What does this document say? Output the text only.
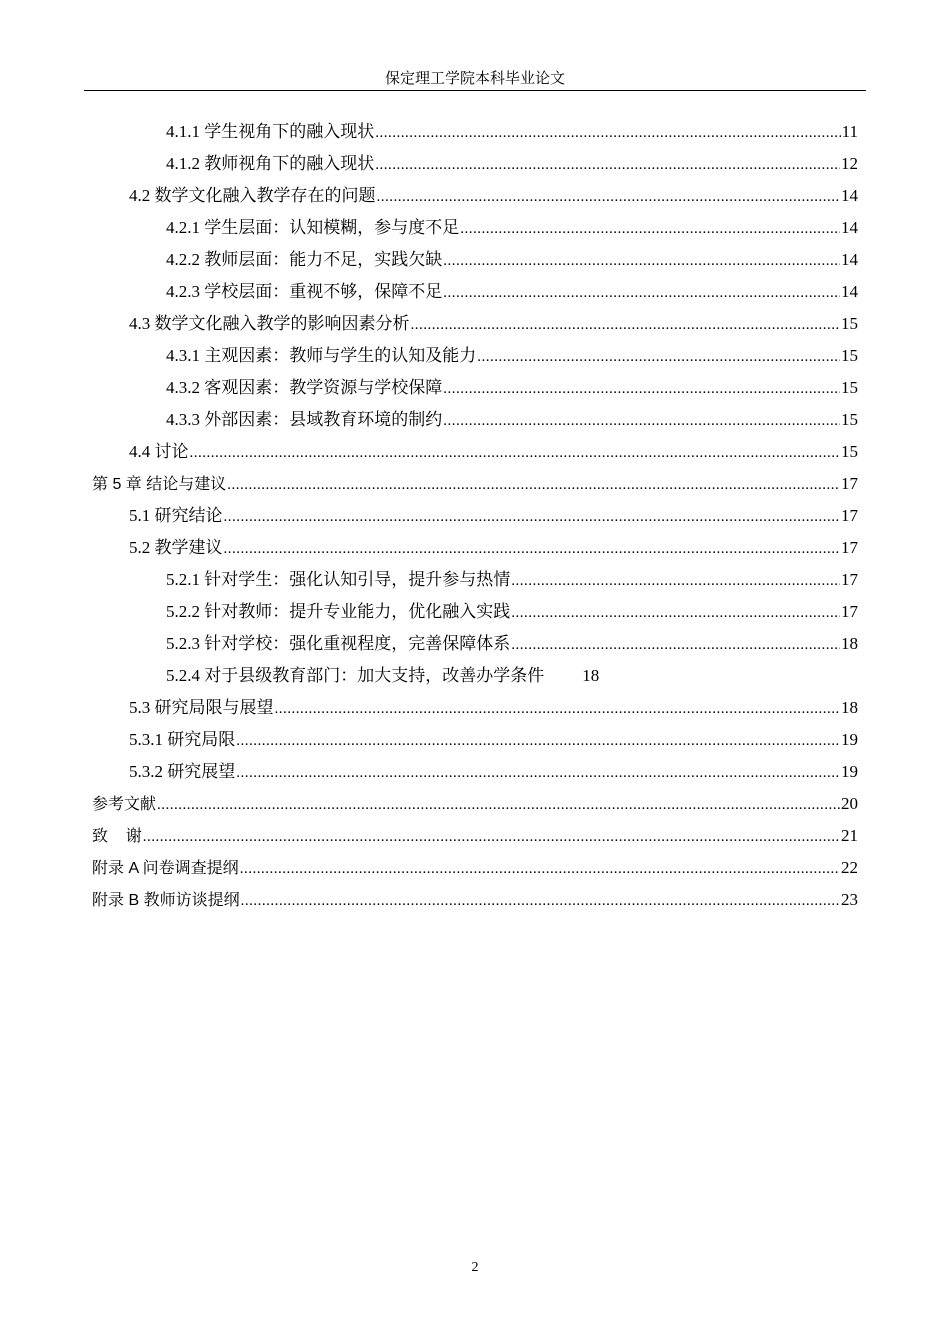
保定理工学院本科毕业论文
4.1.1 学生视角下的融入现状 .....	11
4.1.2 教师视角下的融入现状 .....	12
4.2 数学文化融入教学存在的问题 .....	14
4.2.1 学生层面：认知模糊，参与度不足 .....	14
4.2.2 教师层面：能力不足，实践欠缺 .....	14
4.2.3 学校层面：重视不够，保障不足 .....	14
4.3 数学文化融入教学的影响因素分析 .....	15
4.3.1 主观因素：教师与学生的认知及能力 .....	15
4.3.2 客观因素：教学资源与学校保障 .....	15
4.3.3 外部因素：县域教育环境的制约 .....	15
4.4 讨论 .....	15
第 5 章 结论与建议 .....	17
5.1 研究结论 .....	17
5.2 教学建议 .....	17
5.2.1 针对学生：强化认知引导，提升参与热情 .....	17
5.2.2 针对教师：提升专业能力，优化融入实践 .....	17
5.2.3 针对学校：强化重视程度，完善保障体系 .....	18
5.2.4 对于县级教育部门：加大支持，改善办学条件 18
5.3 研究局限与展望 .....	18
5.3.1 研究局限 .....	19
5.3.2 研究展望 .....	19
参考文献 .....	20
致    谢 .....	21
附录 A 问卷调查提纲 .....	22
附录 B 教师访谈提纲 .....	23
2
